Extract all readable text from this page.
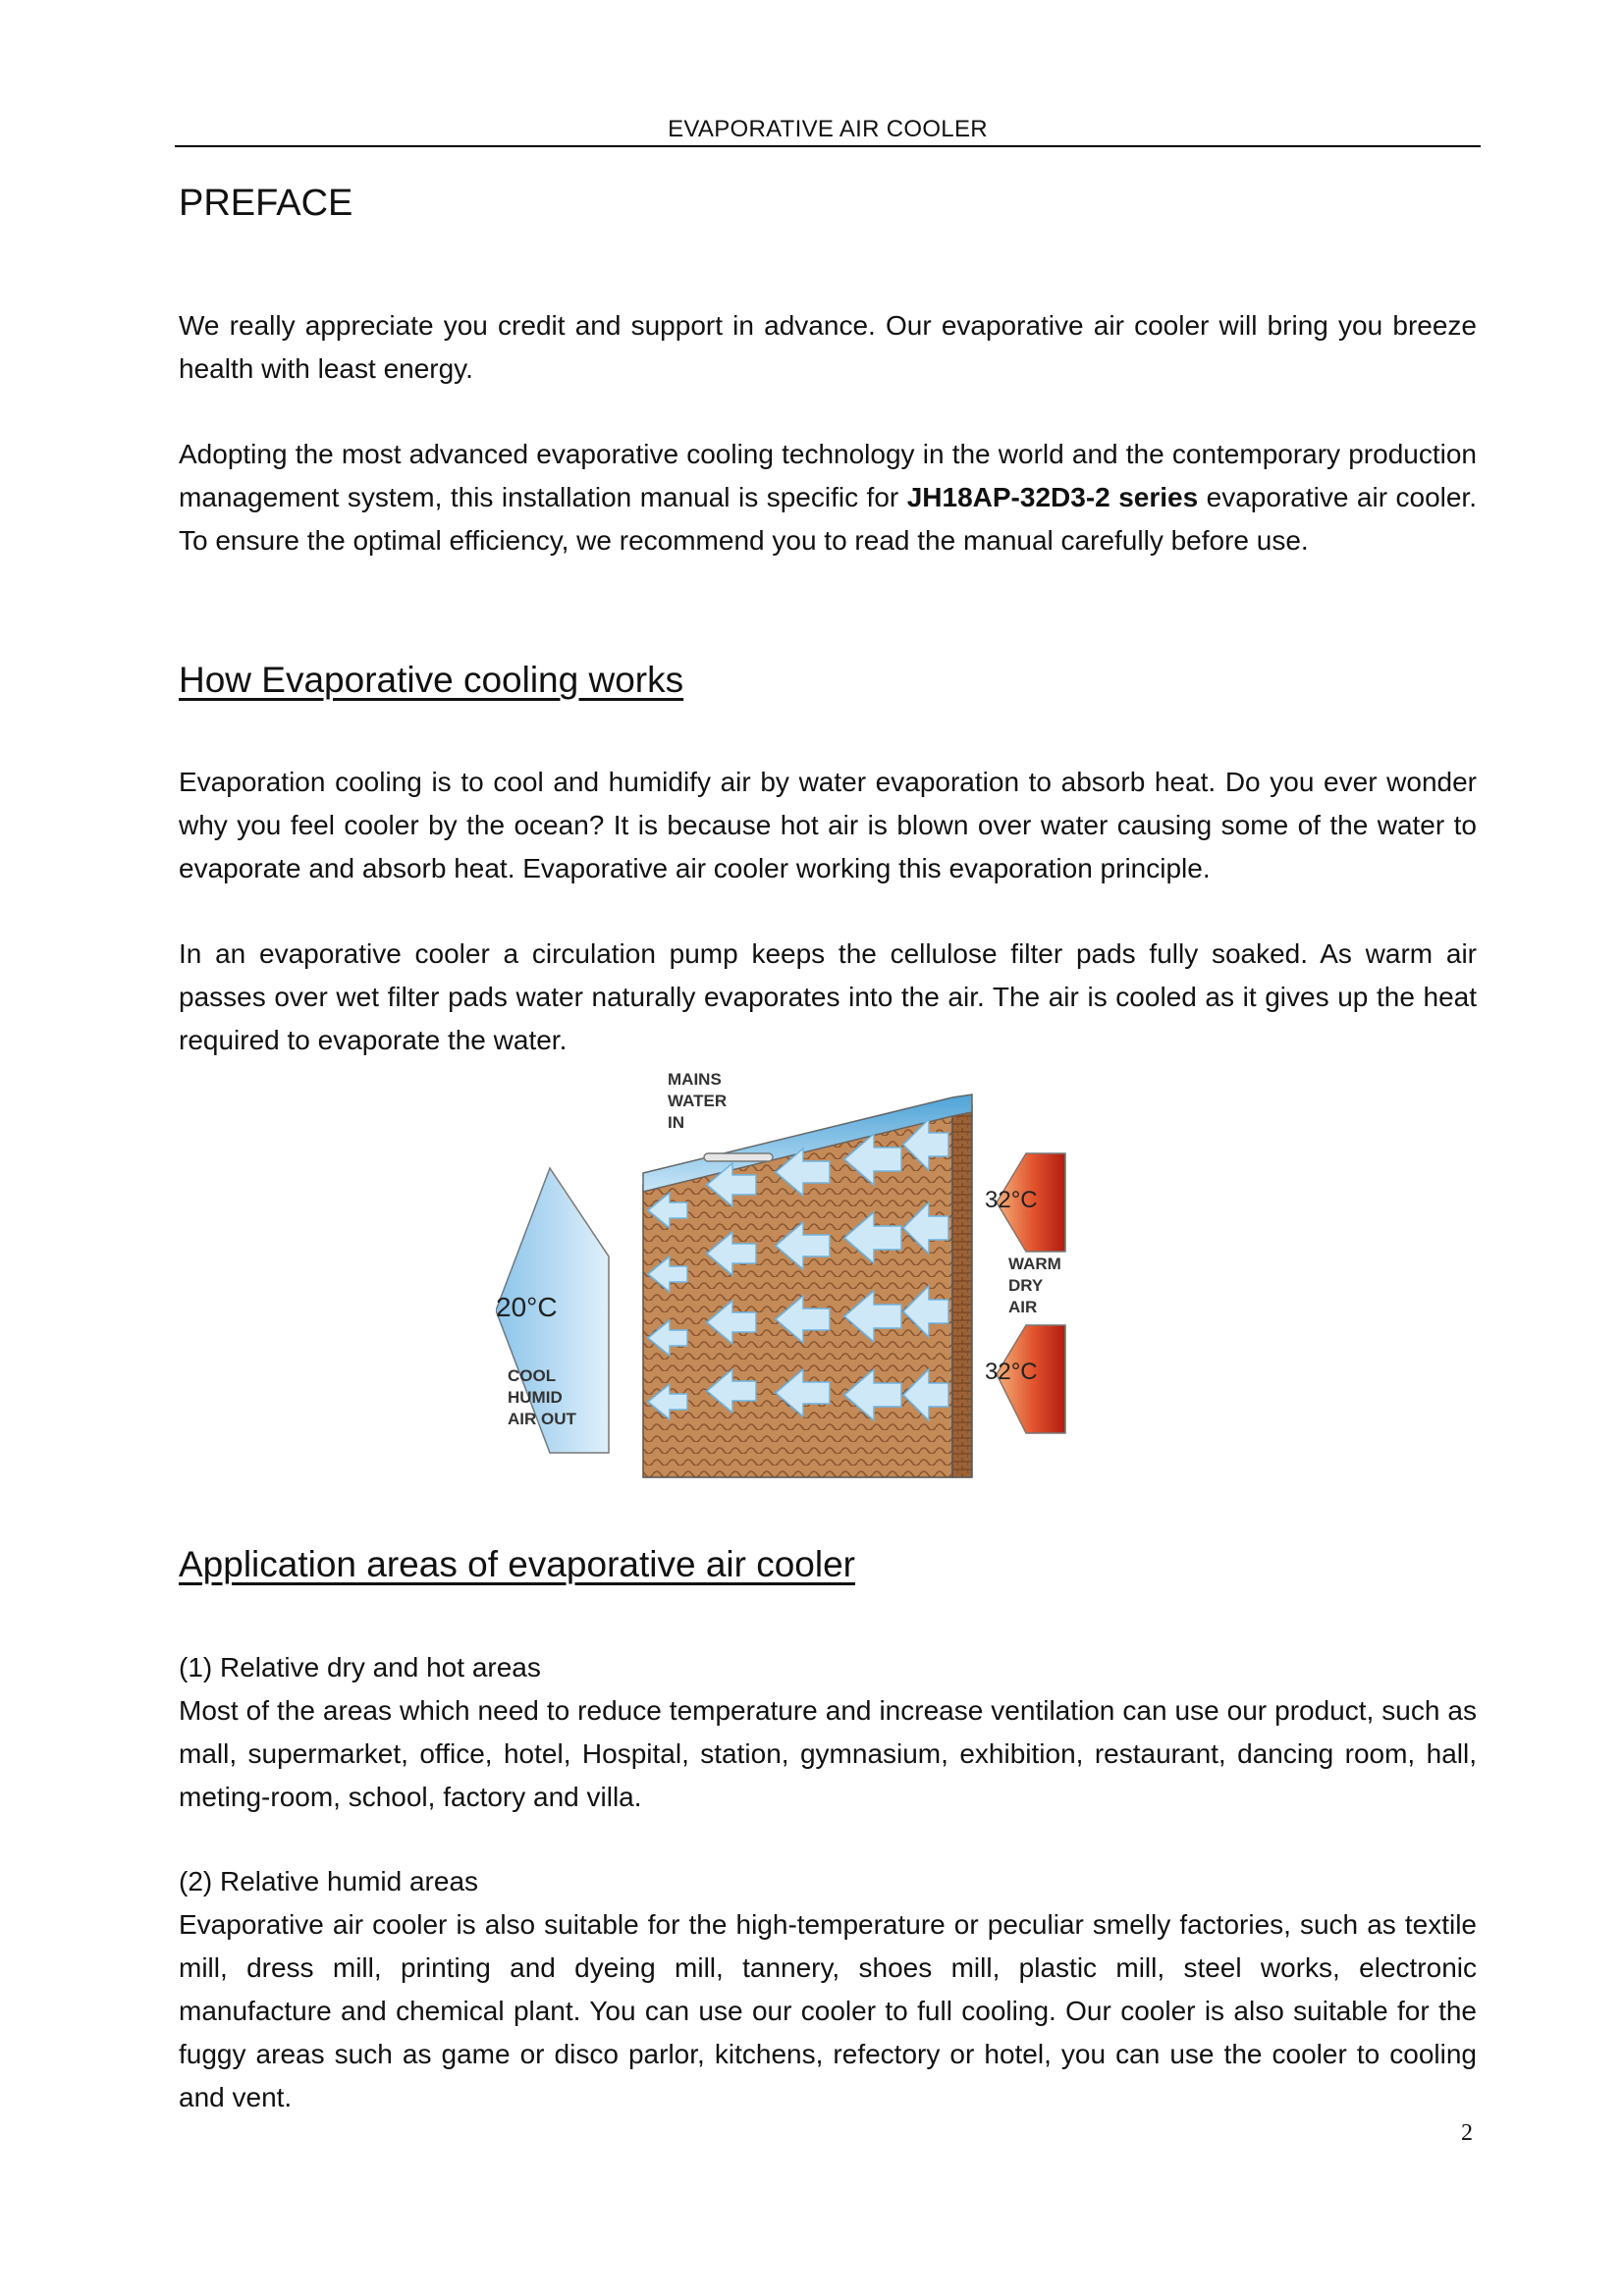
EVAPORATIVE AIR COOLER
PREFACE

We really appreciate you credit and support in advance. Our evaporative air cooler will bring you breeze health with least energy.

Adopting the most advanced evaporative cooling technology in the world and the contemporary production management system, this installation manual is specific for JH18AP-32D3-2 series evaporative air cooler. To ensure the optimal efficiency, we recommend you to read the manual carefully before use.

How Evaporative cooling works

Evaporation cooling is to cool and humidify air by water evaporation to absorb heat. Do you ever wonder why you feel cooler by the ocean? It is because hot air is blown over water causing some of the water to evaporate and absorb heat. Evaporative air cooler working this evaporation principle.

In an evaporative cooler a circulation pump keeps the cellulose filter pads fully soaked. As warm air passes over wet filter pads water naturally evaporates into the air. The air is cooled as it gives up the heat required to evaporate the water.

MAINS
WATER
IN
WARM
DRY
AIR
COOL
HUMID
AIR OUT
20°C
32°C
32°C
Application areas of evaporative air cooler

(1) Relative dry and hot areas

Most of the areas which need to reduce temperature and increase ventilation can use our product, such as mall, supermarket, office, hotel, Hospital, station, gymnasium, exhibition, restaurant, dancing room, hall, meting-room, school, factory and villa.

(2) Relative humid areas

Evaporative air cooler is also suitable for the high-temperature or peculiar smelly factories, such as textile mill, dress mill, printing and dyeing mill, tannery, shoes mill, plastic mill, steel works, electronic manufacture and chemical plant. You can use our cooler to full cooling. Our cooler is also suitable for the fuggy areas such as game or disco parlor, kitchens, refectory or hotel, you can use the cooler to cooling and vent.

2
